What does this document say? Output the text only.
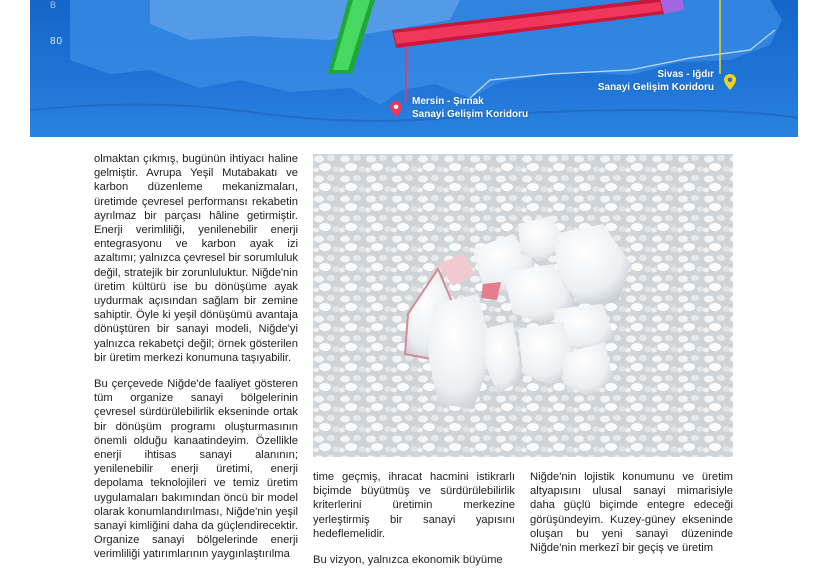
B
80
Mersin - Şırnak
Sanayi Gelişim Koridoru
Sivas - Iğdır
Sanayi Gelişim Koridoru

olmaktan çıkmış, bugünün ihtiyacı haline gelmiştir. Avrupa Yeşil Mutabakatı ve karbon düzenleme mekanizmaları, üretimde çevresel performansı rekabetin ayrılmaz bir parçası hâline getirmiştir. Enerji verimliliği, yenilenebilir enerji entegrasyonu ve karbon ayak izi azaltımı; yalnızca çevresel bir sorumluluk değil, stratejik bir zorunluluktur. Niğde'nin üretim kültürü ise bu dönüşüme ayak uydurmak açısından sağlam bir zemine sahiptir. Öyle ki yeşil dönüşümü avantaja dönüştüren bir sanayi modeli, Niğde'yi yalnızca rekabetçi değil; örnek gösterilen bir üretim merkezi konumuna taşıyabilir.

Bu çerçevede Niğde'de faaliyet gösteren tüm organize sanayi bölgelerinin çevresel sürdürülebilirlik ekseninde ortak bir dönüşüm programı oluşturmasının önemli olduğu kanaatindeyim. Özellikle enerji ihtisas sanayi alanının; yenilenebilir enerji üretimi, enerji depolama teknolojileri ve temiz üretim uygulamaları bakımından öncü bir model olarak konumlandırılması, Niğde'nin yeşil sanayi kimliğini daha da güçlendirecektir. Organize sanayi bölgelerinde enerji verimliliği yatırımlarının yaygınlaştırılma

time geçmiş, ihracat hacmini istikrarlı biçimde büyütmüş ve sürdürülebilirlik kriterlerini üretimin merkezine yerleştirmiş bir sanayi yapısını hedeflemelidir.

Bu vizyon, yalnızca ekonomik büyüme

Niğde'nin lojistik konumunu ve üretim altyapısını ulusal sanayi mimarisiyle daha güçlü biçimde entegre edeceği görüşündeyim. Kuzey-güney ekseninde oluşan bu yeni sanayi düzeninde Niğde'nin merkezî bir geçiş ve üretim
